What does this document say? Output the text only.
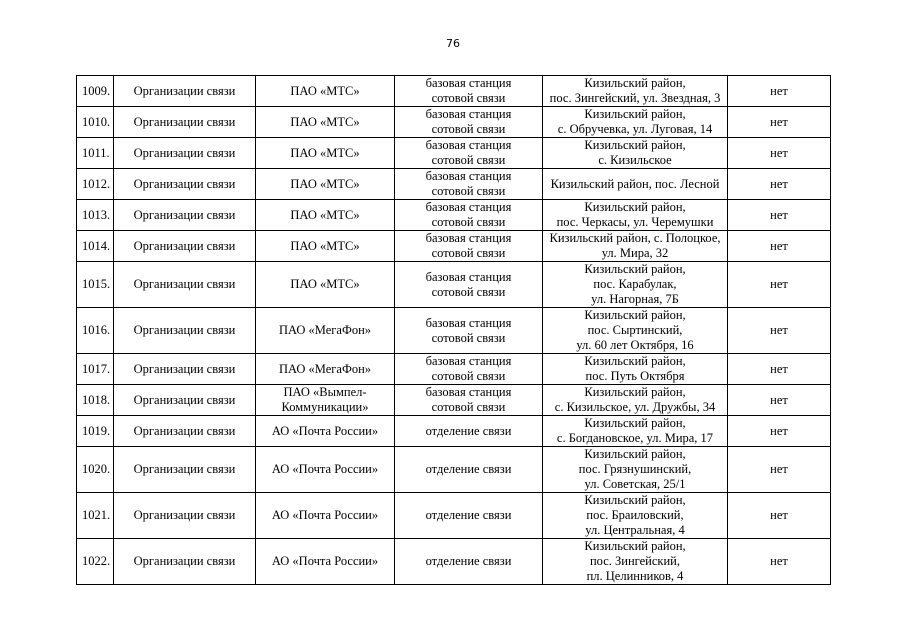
76
1009.	Организации связи	ПАО «МТС»	базовая станция
сотовой связи	Кизильский район,
пос. Зингейский, ул. Звездная, 3	нет
1010.	Организации связи	ПАО «МТС»	базовая станция
сотовой связи	Кизильский район,
с. Обручевка, ул. Луговая, 14	нет
1011.	Организации связи	ПАО «МТС»	базовая станция
сотовой связи	Кизильский район,
с. Кизильское	нет
1012.	Организации связи	ПАО «МТС»	базовая станция
сотовой связи	Кизильский район, пос. Лесной	нет
1013.	Организации связи	ПАО «МТС»	базовая станция
сотовой связи	Кизильский район,
пос. Черкасы, ул. Черемушки	нет
1014.	Организации связи	ПАО «МТС»	базовая станция
сотовой связи	Кизильский район, с. Полоцкое,
ул. Мира, 32	нет
1015.	Организации связи	ПАО «МТС»	базовая станция
сотовой связи	Кизильский район,
пос. Карабулак,
ул. Нагорная, 7Б	нет
1016.	Организации связи	ПАО «МегаФон»	базовая станция
сотовой связи	Кизильский район,
пос. Сыртинский,
ул. 60 лет Октября, 16	нет
1017.	Организации связи	ПАО «МегаФон»	базовая станция
сотовой связи	Кизильский район,
пос. Путь Октября	нет
1018.	Организации связи	ПАО «Вымпел-
Коммуникации»	базовая станция
сотовой связи	Кизильский район,
с. Кизильское, ул. Дружбы, 34	нет
1019.	Организации связи	АО «Почта России»	отделение связи	Кизильский район,
с. Богдановское, ул. Мира, 17	нет
1020.	Организации связи	АО «Почта России»	отделение связи	Кизильский район,
пос. Грязнушинский,
ул. Советская, 25/1	нет
1021.	Организации связи	АО «Почта России»	отделение связи	Кизильский район,
пос. Браиловский,
ул. Центральная, 4	нет
1022.	Организации связи	АО «Почта России»	отделение связи	Кизильский район,
пос. Зингейский,
пл. Целинников, 4	нет
